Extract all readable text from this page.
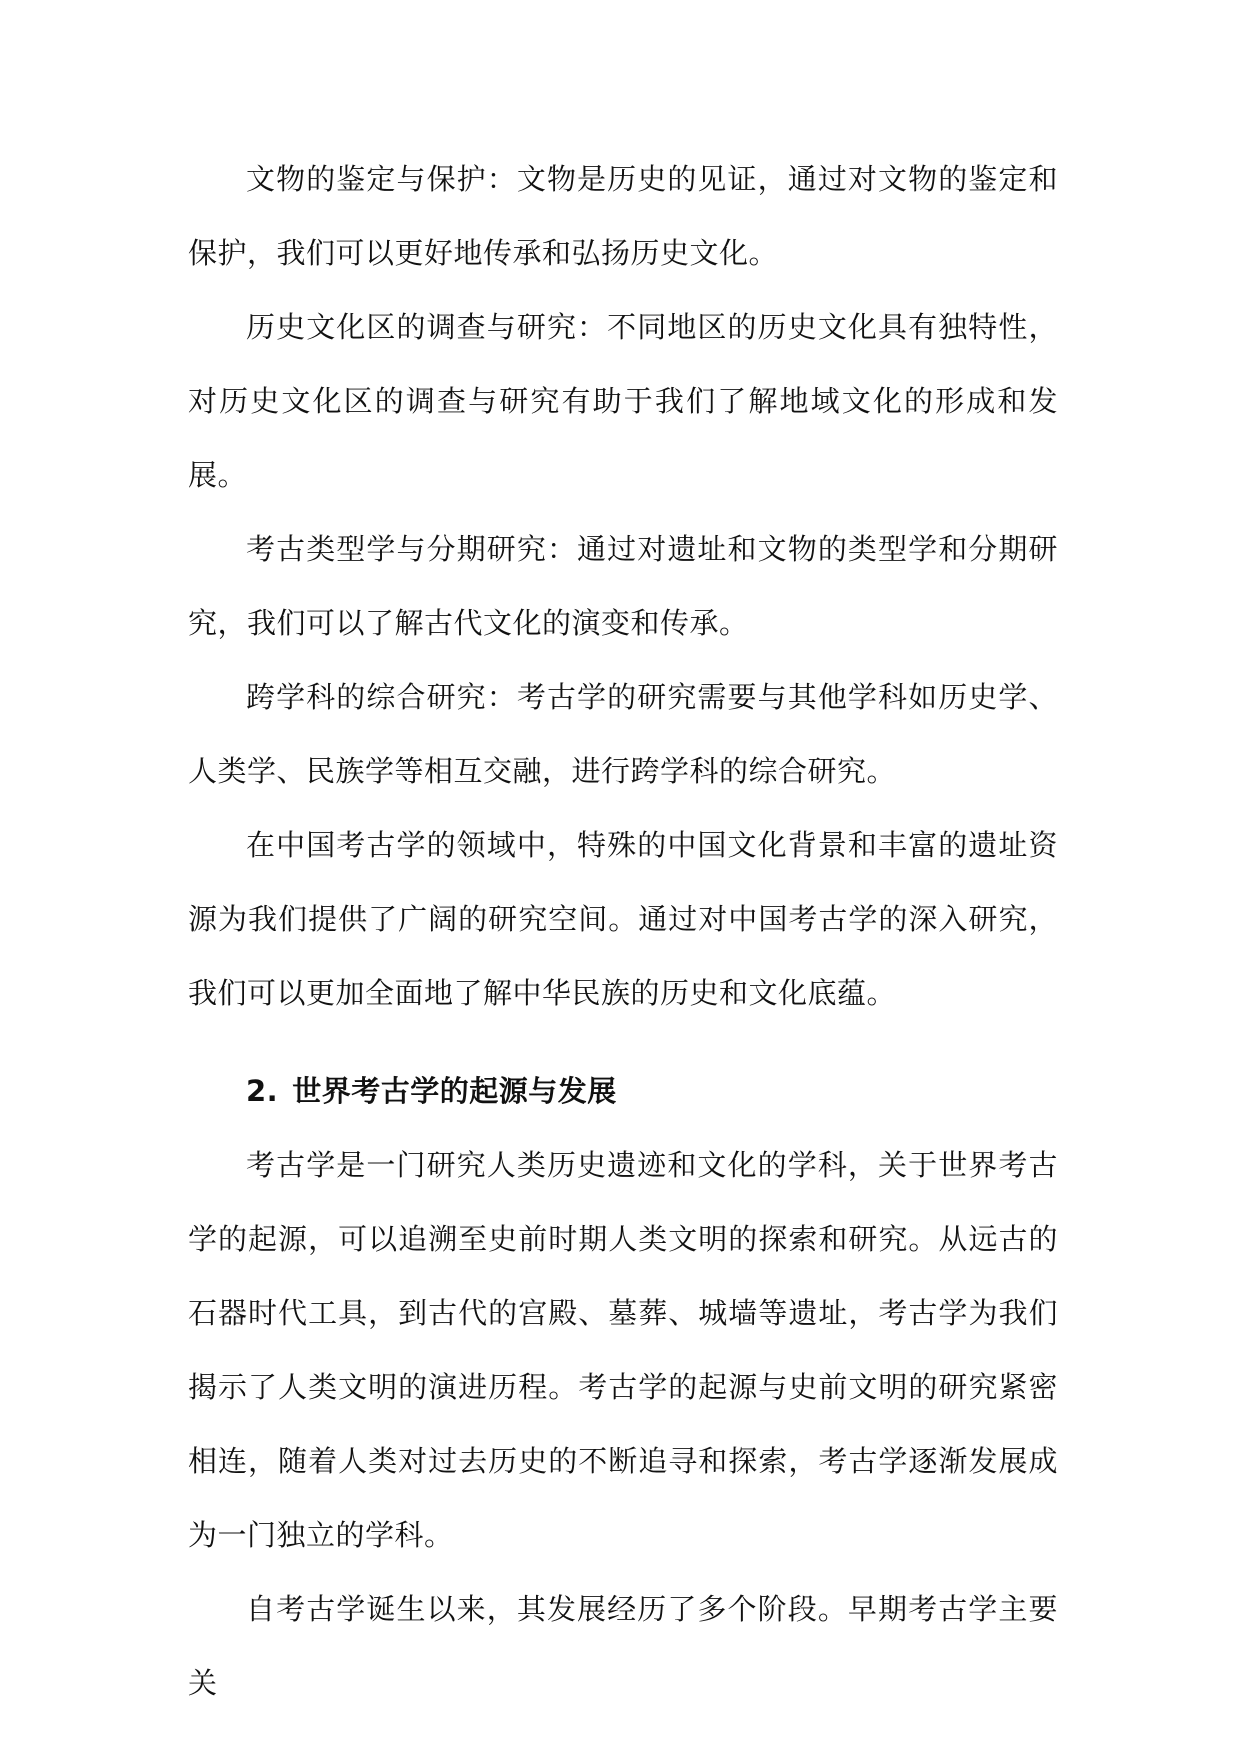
文物的鉴定与保护：文物是历史的见证，通过对文物的鉴定和保护，我们可以更好地传承和弘扬历史文化。

历史文化区的调查与研究：不同地区的历史文化具有独特性，对历史文化区的调查与研究有助于我们了解地域文化的形成和发展。

考古类型学与分期研究：通过对遗址和文物的类型学和分期研究，我们可以了解古代文化的演变和传承。

跨学科的综合研究：考古学的研究需要与其他学科如历史学、人类学、民族学等相互交融，进行跨学科的综合研究。

在中国考古学的领域中，特殊的中国文化背景和丰富的遗址资源为我们提供了广阔的研究空间。通过对中国考古学的深入研究，我们可以更加全面地了解中华民族的历史和文化底蕴。

2. 世界考古学的起源与发展

考古学是一门研究人类历史遗迹和文化的学科，关于世界考古学的起源，可以追溯至史前时期人类文明的探索和研究。从远古的石器时代工具，到古代的宫殿、墓葬、城墙等遗址，考古学为我们揭示了人类文明的演进历程。考古学的起源与史前文明的研究紧密相连，随着人类对过去历史的不断追寻和探索，考古学逐渐发展成为一门独立的学科。

自考古学诞生以来，其发展经历了多个阶段。早期考古学主要关
